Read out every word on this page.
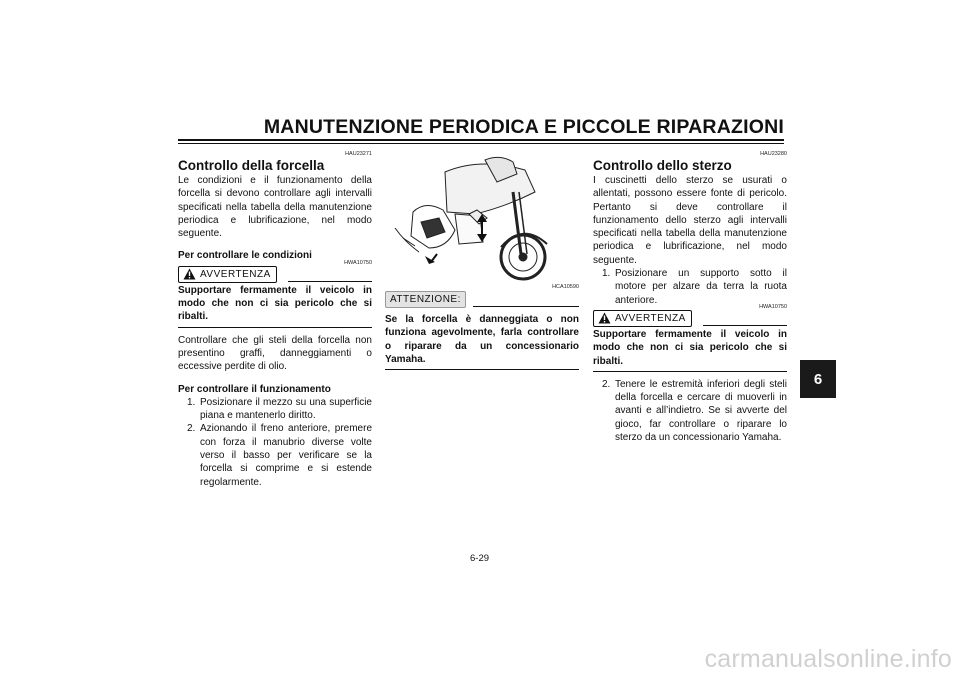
MANUTENZIONE PERIODICA E PICCOLE RIPARAZIONI
6
HAU23271
Controllo della forcella

Le condizioni e il funzionamento della forcella si devono controllare agli intervalli specificati nella tabella della manutenzione periodica e lubrificazione, nel modo seguente.

Per controllare le condizioni

AVVERTENZA
HWA10750

Supportare fermamente il veicolo in modo che non ci sia pericolo che si ribalti.

Controllare che gli steli della forcella non presentino graffi, danneggiamenti o eccessive perdite di olio.

Per controllare il funzionamento

1. Posizionare il mezzo su una superficie piana e mantenerlo diritto.
2. Azionando il freno anteriore, premere con forza il manubrio diverse volte verso il basso per verificare se la forcella si comprime e si estende regolarmente.
HCA10590
ATTENZIONE:

Se la forcella è danneggiata o non funziona agevolmente, farla controllare o riparare da un concessionario Yamaha.

HAU23280
Controllo dello sterzo

I cuscinetti dello sterzo se usurati o allentati, possono essere fonte di pericolo. Pertanto si deve controllare il funzionamento dello sterzo agli intervalli specificati nella tabella della manutenzione periodica e lubrificazione, nel modo seguente.

1. Posizionare un supporto sotto il motore per alzare da terra la ruota anteriore.
AVVERTENZA
HWA10750

Supportare fermamente il veicolo in modo che non ci sia pericolo che si ribalti.

2. Tenere le estremità inferiori degli steli della forcella e cercare di muoverli in avanti e all’indietro. Se si avverte del gioco, far controllare o riparare lo sterzo da un concessionario Yamaha.
6-29
carmanualsonline.info
